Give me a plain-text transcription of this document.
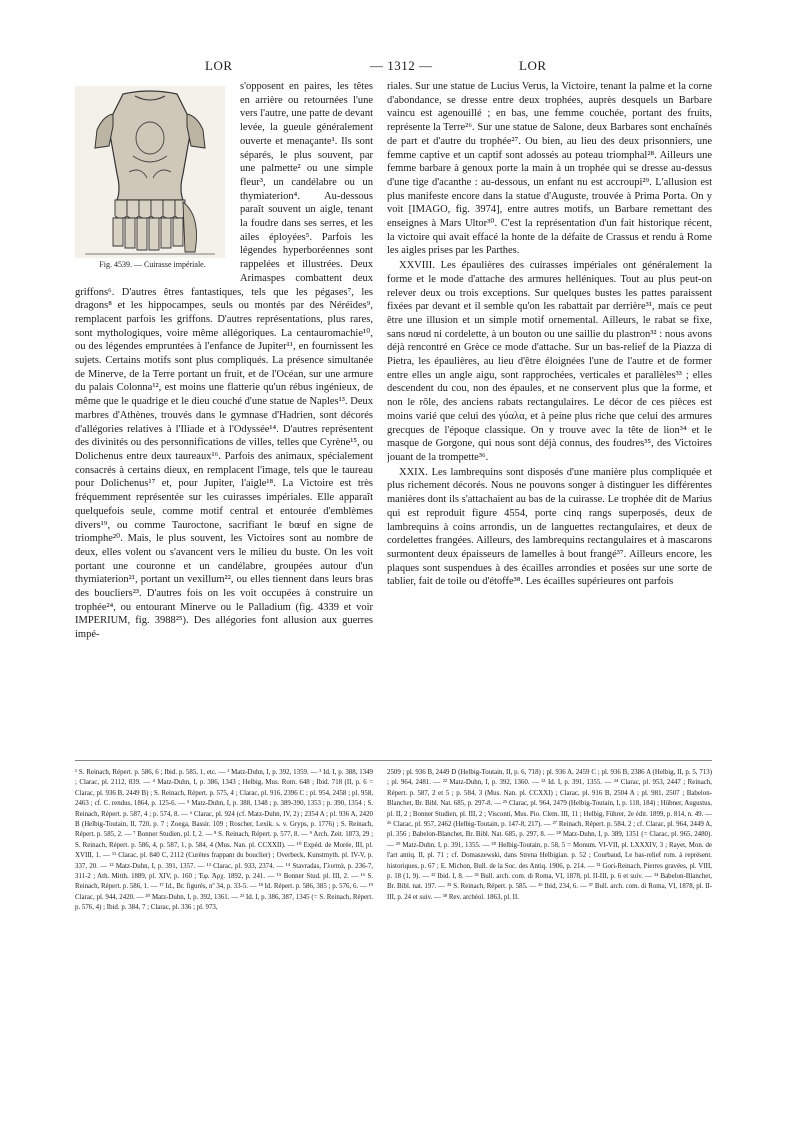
LOR	— 1312 —	LOR
Fig. 4539. — Cuirasse impériale.

s'opposent en paires, les têtes en arrière ou retournées l'une vers l'autre, une patte de devant levée, la gueule généralement ouverte et menaçante¹. Ils sont séparés, le plus souvent, par une palmette² ou une simple fleur³, un candélabre ou un thymiaterion⁴. Au-dessous paraît souvent un aigle, tenant la foudre dans ses serres, et les ailes éployées⁵. Parfois les légendes hyperboréennes sont rappelées et illustrées. Deux Arimaspes combattent deux griffons⁶. D'autres êtres fantastiques, tels que les pégases⁷, les dragons⁸ et les hippocampes, seuls ou montés par des Néréides⁹, remplacent parfois les griffons. D'autres représentations, plus rares, sont mythologiques, voire même allégoriques. La centauromachie¹⁰, ou des légendes empruntées à l'enfance de Jupiter¹¹, en fournissent les sujets. Certains motifs sont plus compliqués. La présence simultanée de Minerve, de la Terre portant un fruit, et de l'Océan, sur une armure du palais Colonna¹², est moins une flatterie qu'un rébus ingénieux, de même que le quadrige et le dieu couché d'une statue de Naples¹³. Deux marbres d'Athènes, trouvés dans le gymnase d'Hadrien, sont décorés d'allégories relatives à l'Iliade et à l'Odyssée¹⁴. D'autres représentent des divinités ou des personnifications de villes, telles que Cyrène¹⁵, ou Dolichenus entre deux taureaux¹⁶. Parfois des animaux, spécialement consacrés à certains dieux, en remplacent l'image, tels que le taureau pour Dolichenus¹⁷ et, pour Jupiter, l'aigle¹⁸. La Victoire est très fréquemment représentée sur les cuirasses impériales. Elle apparaît quelquefois seule, comme motif central et entourée d'emblèmes divers¹⁹, ou comme Tauroctone, sacrifiant le bœuf en signe de triomphe²⁰. Mais, le plus souvent, les Victoires sont au nombre de deux, elles volent ou s'avancent vers le milieu du buste. On les voit portant une couronne et un candélabre, groupées autour d'un thymiaterion²¹, portant un vexillum²², ou elles tiennent dans leurs bras des boucliers²³. D'autres fois on les voit occupées à construire un trophée²⁴, ou entourant Minerve ou le Palladium (fig. 4339 et voir IMPERIUM, fig. 3988²⁵). Des allégories font allusion aux guerres impé-

riales. Sur une statue de Lucius Verus, la Victoire, tenant la palme et la corne d'abondance, se dresse entre deux trophées, auprès desquels un Barbare vaincu est agenouillé ; en bas, une femme couchée, portant des fruits, représente la Terre²⁶. Sur une statue de Salone, deux Barbares sont enchaînés de part et d'autre du trophée²⁷. Ou bien, au lieu des deux prisonniers, une femme captive et un captif sont adossés au poteau triomphal²⁸. Ailleurs une femme barbare à genoux porte la main à un trophée qui se dresse au-dessus d'une tige d'acanthe : au-dessous, un enfant nu est accroupi²⁹. L'allusion est plus manifeste encore dans la statue d'Auguste, trouvée à Prima Porta. On y voit [IMAGO, fig. 3974], entre autres motifs, un Barbare remettant des enseignes à Mars Ultor³⁰. C'est la représentation d'un fait historique récent, la victoire qui avait effacé la honte de la défaite de Crassus et rendu à Rome les aigles prises par les Parthes.

XXVIII. Les épaulières des cuirasses impériales ont généralement la forme et le mode d'attache des armures helléniques. Tout au plus peut-on relever deux ou trois exceptions. Sur quelques bustes les pattes paraissent fixées par devant et il semble qu'on les rabattait par derrière³¹, mais ce peut être une illusion et un simple motif ornemental. Ailleurs, le rabat se fixe, sans nœud ni cordelette, à un bouton ou une saillie du plastron³² : nous avons déjà rencontré en Grèce ce mode d'attache. Sur un bas-relief de la Piazza di Pietra, les épaulières, au lieu d'être éloignées l'une de l'autre et de former entre elles un angle aigu, sont rapprochées, verticales et parallèles³³ ; elles descendent du cou, non des épaules, et ne conservent plus que la forme, et non le rôle, des anciens rabats rectangulaires. Le décor de ces pièces est moins varié que celui des γύαλα, et à peine plus riche que celui des armures grecques de l'époque classique. On y trouve avec la tête de lion³⁴ et le masque de Gorgone, qui nous sont déjà connus, des foudres³⁵, des Victoires jouant de la trompette³⁶.

XXIX. Les lambrequins sont disposés d'une manière plus compliquée et plus richement décorés. Nous ne pouvons songer à distinguer les différentes manières dont ils s'attachaient au bas de la cuirasse. Le trophée dit de Marius qui est reproduit figure 4554, porte cinq rangs superposés, deux de lambrequins à coins arrondis, un de languettes rectangulaires, et deux de cordelettes frangées. Ailleurs, des lambrequins rectangulaires et à mascarons surmontent deux épaisseurs de lamelles à bout frangé³⁷. Ailleurs encore, les plaques sont suspendues à des écailles arrondies et posées sur une sorte de tablier, fait de toile ou d'étoffe³⁸. Les écailles supérieures ont parfois

¹ S. Reinach, Répert. p. 586, 6 ; Ibid. p. 585, 1, etc. — ² Matz-Duhn, I, p. 392, 1359. — ³ Id. I, p. 388, 1349 ; Clarac, pl. 2112, 839. — ⁴ Matz-Duhn, I, p. 386, 1343 ; Helbig, Mus. Rom. 648 ; Ibid. 718 (II, p. 6 = Clarac, pl. 936 B, 2449 B) ; S. Reinach, Répert. p. 575, 4 ; Clarac, pl. 916, 2396 C ; pl. 954, 2458 ; pl. 958, 2463 ; cf. C. rendus, 1864, p. 125-6. — ⁵ Matz-Duhn, I, p. 388, 1348 ; p. 389-390, 1353 ; p. 390, 1354 ; S. Reinach, Répert. p. 587, 4 ; p. 574, 8. — ⁶ Clarac, pl. 924 (cf. Matz-Duhn, IV, 2) ; 2354 A ; pl. 936 A, 2420 B (Helbig-Toutain, II, 720, p. 7 ; Zoega, Bassir. 109 ; Roscher, Lexik. s. v. Gryps, p. 1776) ; S. Reinach, Répert. p. 585, 2. — ⁷ Bonner Studien, pl. I, 2. — ⁸ S. Reinach, Répert. p. 577, 8. — ⁹ Arch. Zeit. 1873, 29 ; S. Reinach, Répert. p. 586, 4, p. 587, 1, p. 584, 4 (Mus. Nan. pl. CCXXII). — ¹⁰ Expéd. de Morée, III, pl. XVIII, 1. — ¹¹ Clarac, pl. 840 C, 2112 (Curètes frappant du bouclier) ; Overbeck, Kunstmyth. pl. IV-V, p. 337, 20. — ¹² Matz-Duhn, I, p. 391, 1357. — ¹³ Clarac, pl. 933, 2374. — ¹⁴ Stavradas, Γλυπτά, p. 236-7, 311-2 ; Ath. Mitth. 1889, pl. XIV, p. 160 ; Ἐφ. Ἀρχ. 1892, p. 241. — ¹⁵ Bonner Stud. pl. III, 2. — ¹⁶ S. Reinach, Répert. p. 586, 1. — ¹⁷ Id., Br. figurés, nº 34, p. 33-5. — ¹⁸ Id. Répert. p. 586, 385 ; p. 576, 6. — ¹⁹ Clarac, pl. 944, 2420. — ²⁰ Matz-Duhn, I, p. 392, 1361. — ²¹ Id. I, p. 386, 387, 1345 (= S. Reinach, Répert. p. 576, 4) ; Ibid. p. 384, 7 ; Clarac, pl. 336 ; pl. 973,
2509 ; pl. 936 B, 2449 D (Helbig-Toutain, II, p. 6, 718) ; pl. 936 A, 2459 C ; pl. 936 B, 2386 A (Helbig, II, p. 5, 713) ; pl. 964, 2481. — ²² Matz-Duhn, I, p. 392, 1360. — ²³ Id. I, p. 391, 1355. — ²⁴ Clarac, pl. 953, 2447 ; Reinach, Répert. p. 587, 2 et 5 ; p. 584, 3 (Mus. Nan. pl. CCXXI) ; Clarac, pl. 916 B, 2504 A ; pl. 981, 2507 ; Babelon-Blanchet, Br. Bibl. Nat. 685, p. 297-8. — ²⁵ Clarac, pl. 964, 2479 (Helbig-Toutain, I, p. 118, 184) ; Hübner, Augustus, pl. II, 2 ; Bonner Studien, pl. III, 2 ; Visconti, Mus. Pio. Clem. III, 11 ; Helbig, Führer, 2e édit. 1899, p. 814, n. 49. — ²⁶ Clarac, pl. 957, 2462 (Helbig-Toutain, p. 147-8, 217). — ²⁷ Reinach, Répert. p. 584, 2 ; cf. Clarac, pl. 964, 2449 A, pl. 356 ; Babelon-Blanchet, Br. Bibl. Nat. 685, p. 297, 8. — ²⁸ Matz-Duhn, I, p. 389, 1351 (= Clarac, pl. 965, 2480). — ²⁹ Matz-Duhn, I, p. 391, 1355. — ³⁰ Helbig-Toutain, p. 58, 5 = Monum. VI-VII, pl. LXXXIV, 3 ; Rayet, Mon. de l'art antiq. II, pl. 71 ; cf. Domaszewski, dans Strena Helbigian. p. 52 ; Courbaud, Le bas-relief rom. à représent. historiques, p. 67 ; E. Michon, Bull. de la Soc. des Antiq. 1906, p. 214. — ³¹ Gori-Reinach, Pierres gravées, pl. VIII, p. 18 (1, 9). — ³² Ibid. I, 8. — ³³ Bull. arch. com. di Roma, VI, 1878, pl. II-III, p. 6 et suiv. — ³⁴ Babelon-Blanchet, Br. Bibl. nat. 197. — ³⁵ S. Reinach, Répert. p. 585. — ³⁶ Ibid, 234, 6. — ³⁷ Bull. arch. com. di Roma, VI, 1878, pl. II-III, p. 24 et suiv. — ³⁸ Rev. archéol. 1863, pl. II.
